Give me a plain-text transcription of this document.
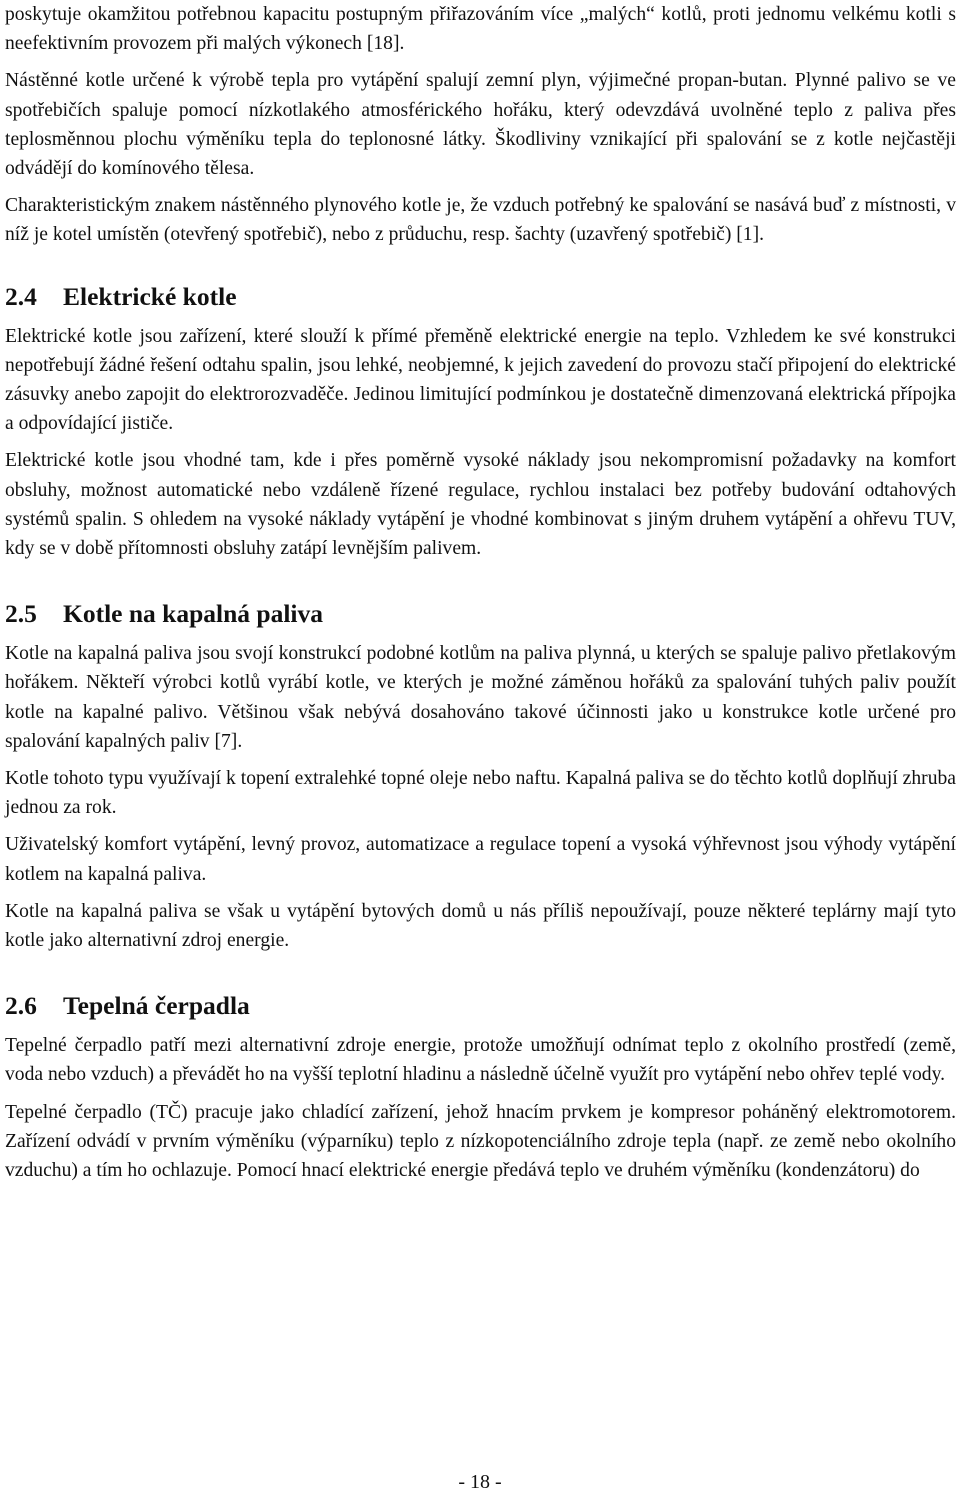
poskytuje okamžitou potřebnou kapacitu postupným přiřazováním více „malých“ kotlů, proti jednomu velkému kotli s neefektivním provozem při malých výkonech [18].

Nástěnné kotle určené k výrobě tepla pro vytápění spalují zemní plyn, výjimečné propan-butan. Plynné palivo se ve spotřebičích spaluje pomocí nízkotlakého atmosférického hořáku, který odevzdává uvolněné teplo z paliva přes teplosměnnou plochu výměníku tepla do teplonosné látky. Škodliviny vznikající při spalování se z kotle nejčastěji odvádějí do komínového tělesa.

Charakteristickým znakem nástěnného plynového kotle je, že vzduch potřebný ke spalování se nasává buď z místnosti, v níž je kotel umístěn (otevřený spotřebič), nebo z průduchu, resp. šachty (uzavřený spotřebič) [1].

2.4 Elektrické kotle

Elektrické kotle jsou zařízení, které slouží k přímé přeměně elektrické energie na teplo. Vzhledem ke své konstrukci nepotřebují žádné řešení odtahu spalin, jsou lehké, neobjemné, k jejich zavedení do provozu stačí připojení do elektrické zásuvky anebo zapojit do elektrorozvaděče. Jedinou limitující podmínkou je dostatečně dimenzovaná elektrická přípojka a odpovídající jističe.

Elektrické kotle jsou vhodné tam, kde i přes poměrně vysoké náklady jsou nekompromisní požadavky na komfort obsluhy, možnost automatické nebo vzdáleně řízené regulace, rychlou instalaci bez potřeby budování odtahových systémů spalin. S ohledem na vysoké náklady vytápění je vhodné kombinovat s jiným druhem vytápění a ohřevu TUV, kdy se v době přítomnosti obsluhy zatápí levnějším palivem.

2.5 Kotle na kapalná paliva

Kotle na kapalná paliva jsou svojí konstrukcí podobné kotlům na paliva plynná, u kterých se spaluje palivo přetlakovým hořákem. Někteří výrobci kotlů vyrábí kotle, ve kterých je možné záměnou hořáků za spalování tuhých paliv použít kotle na kapalné palivo. Většinou však nebývá dosahováno takové účinnosti jako u konstrukce kotle určené pro spalování kapalných paliv [7].

Kotle tohoto typu využívají k topení extralehké topné oleje nebo naftu. Kapalná paliva se do těchto kotlů doplňují zhruba jednou za rok.

Uživatelský komfort vytápění, levný provoz, automatizace a regulace topení a vysoká výhřevnost jsou výhody vytápění kotlem na kapalná paliva.

Kotle na kapalná paliva se však u vytápění bytových domů u nás příliš nepoužívají, pouze některé teplárny mají tyto kotle jako alternativní zdroj energie.

2.6 Tepelná čerpadla

Tepelné čerpadlo patří mezi alternativní zdroje energie, protože umožňují odnímat teplo z okolního prostředí (země, voda nebo vzduch) a převádět ho na vyšší teplotní hladinu a následně účelně využít pro vytápění nebo ohřev teplé vody.

Tepelné čerpadlo (TČ) pracuje jako chladící zařízení, jehož hnacím prvkem je kompresor poháněný elektromotorem. Zařízení odvádí v prvním výměníku (výparníku) teplo z nízkopotenciálního zdroje tepla (např. ze země nebo okolního vzduchu) a tím ho ochlazuje. Pomocí hnací elektrické energie předává teplo ve druhém výměníku (kondenzátoru) do

- 18 -
